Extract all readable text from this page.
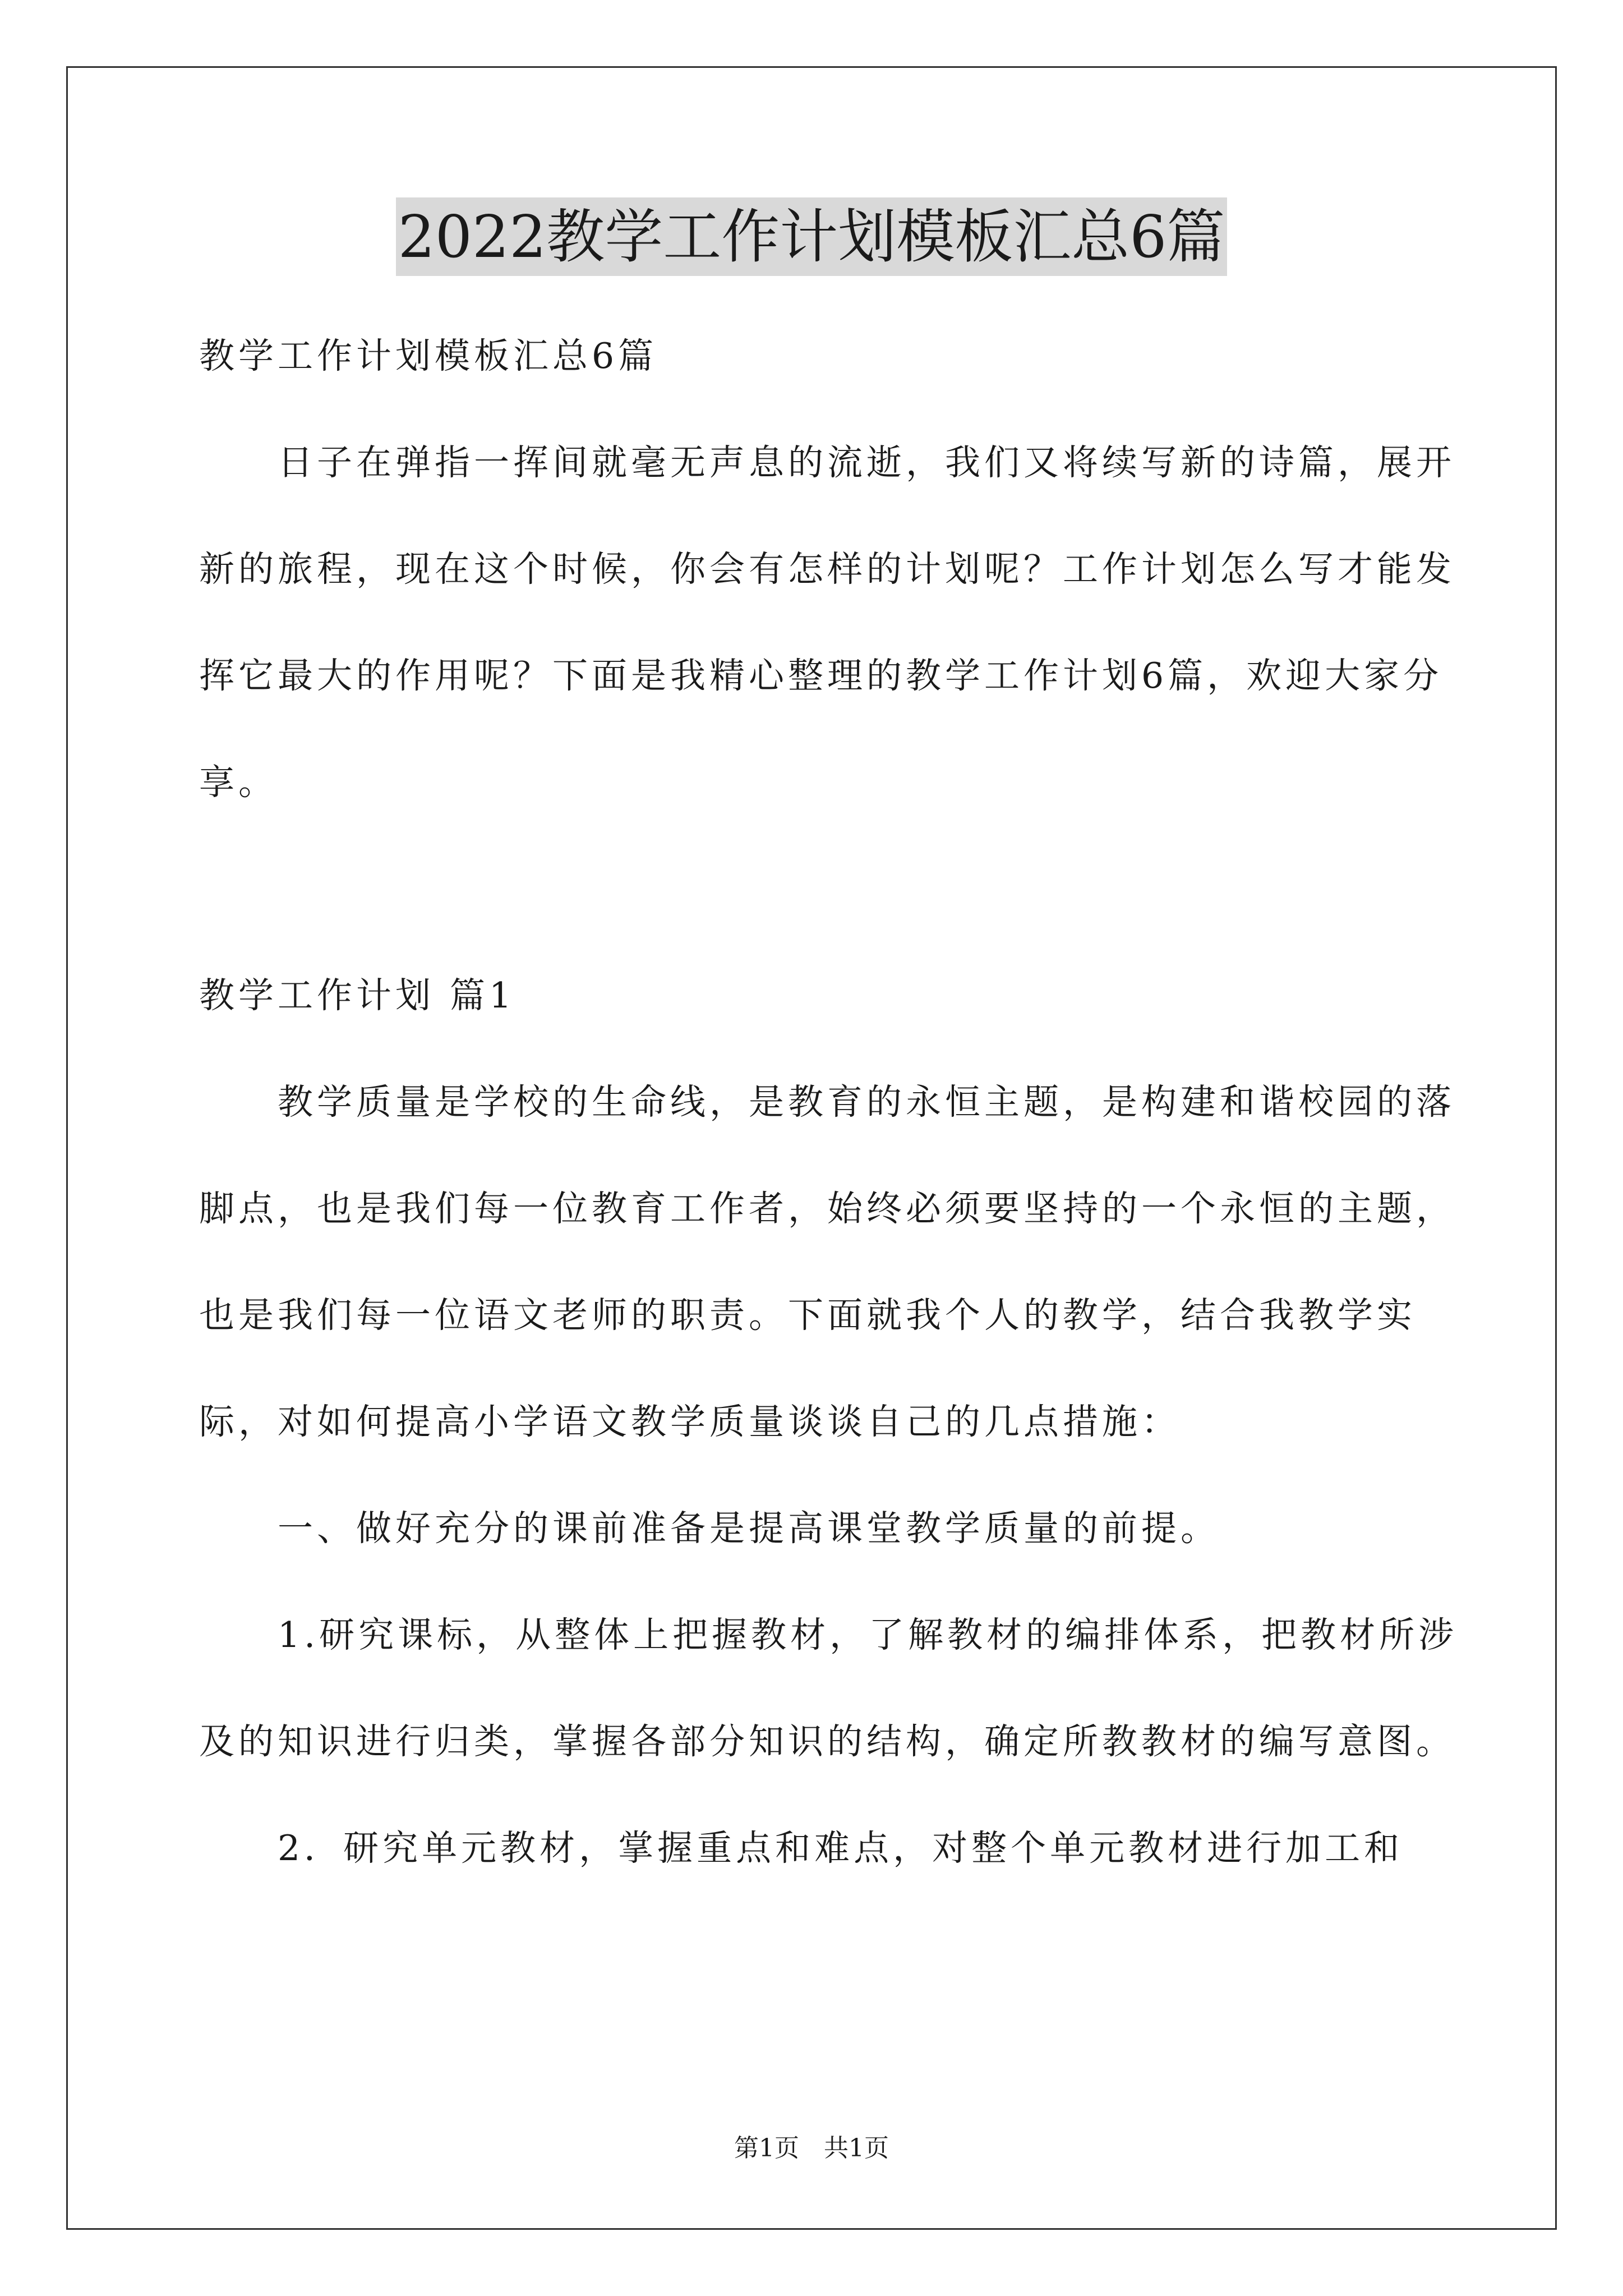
2022教学工作计划模板汇总6篇

教学工作计划模板汇总6篇

日子在弹指一挥间就毫无声息的流逝，我们又将续写新的诗篇，展开新的旅程，现在这个时候，你会有怎样的计划呢？工作计划怎么写才能发挥它最大的作用呢？下面是我精心整理的教学工作计划6篇，欢迎大家分享。

教学工作计划 篇1

教学质量是学校的生命线，是教育的永恒主题，是构建和谐校园的落脚点，也是我们每一位教育工作者，始终必须要坚持的一个永恒的主题，也是我们每一位语文老师的职责。下面就我个人的教学，结合我教学实际，对如何提高小学语文教学质量谈谈自己的几点措施：

一、做好充分的课前准备是提高课堂教学质量的前提。

1.研究课标，从整体上把握教材，了解教材的编排体系，把教材所涉及的知识进行归类，掌握各部分知识的结构，确定所教教材的编写意图。

2．研究单元教材，掌握重点和难点，对整个单元教材进行加工和

第1页　共1页
